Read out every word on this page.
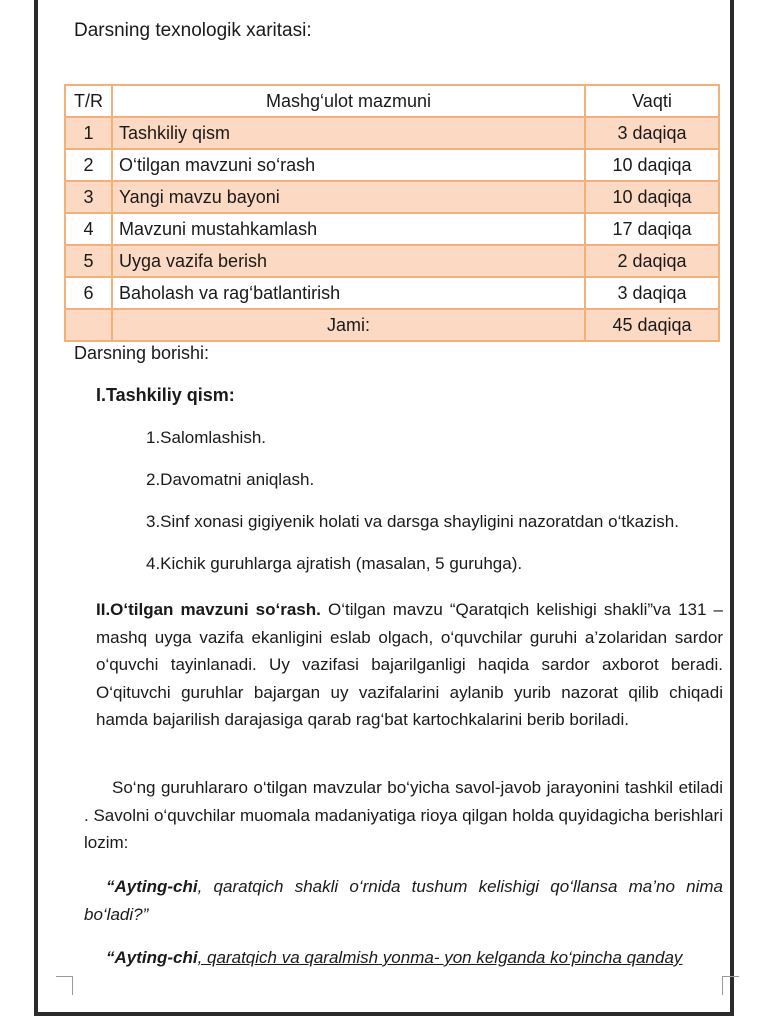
Darsning texnologik xaritasi:
T/R	Mashg‘ulot mazmuni	Vaqti
1	Tashkiliy qism	3 daqiqa
2	O‘tilgan mavzuni so‘rash	10 daqiqa
3	Yangi mavzu bayoni	10 daqiqa
4	Mavzuni mustahkamlash	17 daqiqa
5	Uyga vazifa berish	2 daqiqa
6	Baholash va rag‘batlantirish	3 daqiqa
	Jami:	45 daqiqa
Darsning borishi:
I.Tashkiliy qism:
1.Salomlashish.
2.Davomatni aniqlash.
3.Sinf xonasi gigiyenik holati va darsga shayligini nazoratdan o‘tkazish.
4.Kichik guruhlarga ajratish (masalan, 5 guruhga).

II.O‘tilgan mavzuni so‘rash. O‘tilgan mavzu “Qaratqich kelishigi shakli”va 131 – mashq uyga vazifa ekanligini eslab olgach, o‘quvchilar guruhi a’zolaridan sardor o‘quvchi tayinlanadi. Uy vazifasi bajarilganligi haqida sardor axborot beradi. O‘qituvchi guruhlar bajargan uy vazifalarini aylanib yurib nazorat qilib chiqadi hamda bajarilish darajasiga qarab rag‘bat kartochkalarini berib boriladi.

So‘ng guruhlararo o‘tilgan mavzular bo‘yicha savol-javob jarayonini tashkil etiladi . Savolni o‘quvchilar muomala madaniyatiga rioya qilgan holda quyidagicha berishlari lozim:

“Ayting-chi, qaratqich shakli o‘rnida tushum kelishigi qo‘llansa ma’no nima bo‘ladi?”

“Ayting-chi, qaratqich va qaralmish yonma- yon kelganda ko‘pincha qanday
